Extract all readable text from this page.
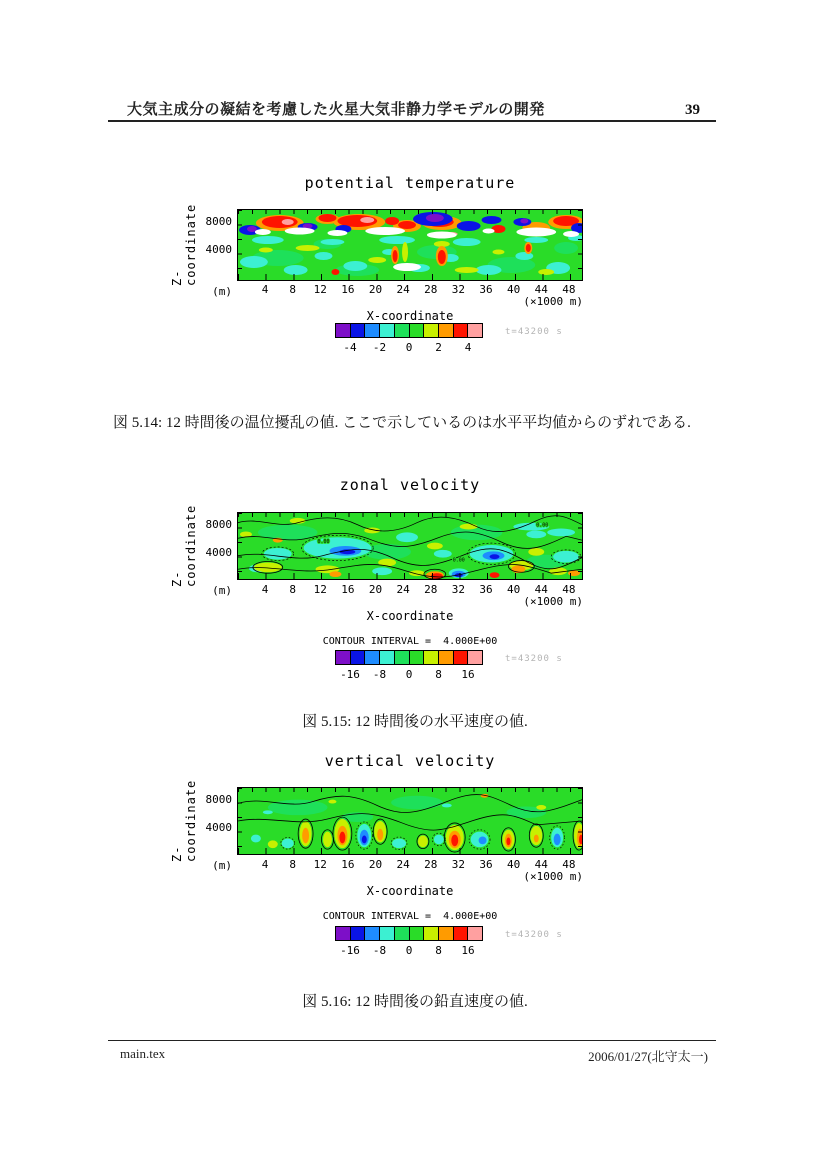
大気主成分の凝結を考慮した火星大気非静力学モデルの開発	39
potential temperature
Z-coordinate 8000
4000
(m)	4	8	12	16	20	24	28	32	36	40	44	48
(×1000 m)
X-coordinate
-4	-2	0	2	4
t=43200 s
図 5.14: 12 時間後の温位擾乱の値. ここで示しているのは水平平均値からのずれである.
zonal velocity
Z-coordinate 8000
4000
(m)
0.00
0.00
0.00
4	8	12	16	20	24	28	32	36	40	44	48
(×1000 m)
X-coordinate
CONTOUR INTERVAL =  4.000E+00
-16	-8	0	8	16
t=43200 s
図 5.15: 12 時間後の水平速度の値.
vertical velocity
Z-coordinate 8000
4000
(m)	4	8	12	16	20	24	28	32	36	40	44	48
(×1000 m)
X-coordinate
CONTOUR INTERVAL =  4.000E+00
-16	-8	0	8	16
t=43200 s
図 5.16: 12 時間後の鉛直速度の値.
main.tex	2006/01/27(北守太一)
